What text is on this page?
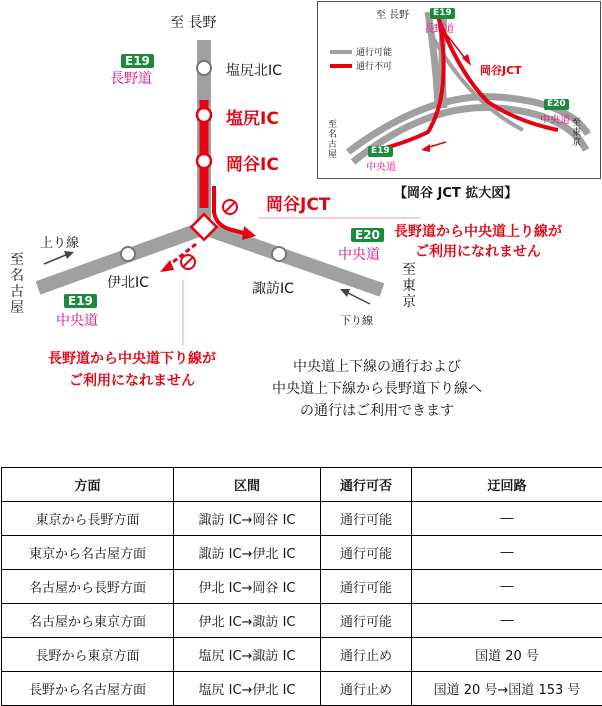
至 長野
E19
長野道	塩尻北IC
塩尻IC
岡谷IC
岡谷JCT
上り線
至
名
古
屋
伊北IC
E19
中央道
諏訪IC
E20
中央道
至
東
京
下り線
長野道から中央道上り線が
ご利用になれません
長野道から中央道下り線が
ご利用になれません
中央道上下線の通行および
中央道上下線から長野道下り線へ
の通行はご利用できます
至 長野	E19
長野道
通行可能
通行不可	岡谷JCT
E20
中央道
至
名
古
屋	E19
中央道
至
東
京
【岡谷 JCT 拡大図】
方面	区間	通行可否	迂回路
東京から長野方面	諏訪 IC→岡谷 IC	通行可能	―
東京から名古屋方面	諏訪 IC→伊北 IC	通行可能	―
名古屋から長野方面	伊北 IC→岡谷 IC	通行可能	―
名古屋から東京方面	伊北 IC→諏訪 IC	通行可能	―
長野から東京方面	塩尻 IC→諏訪 IC	通行止め	国道 20 号
長野から名古屋方面	塩尻 IC→伊北 IC	通行止め	国道 20 号→国道 153 号
